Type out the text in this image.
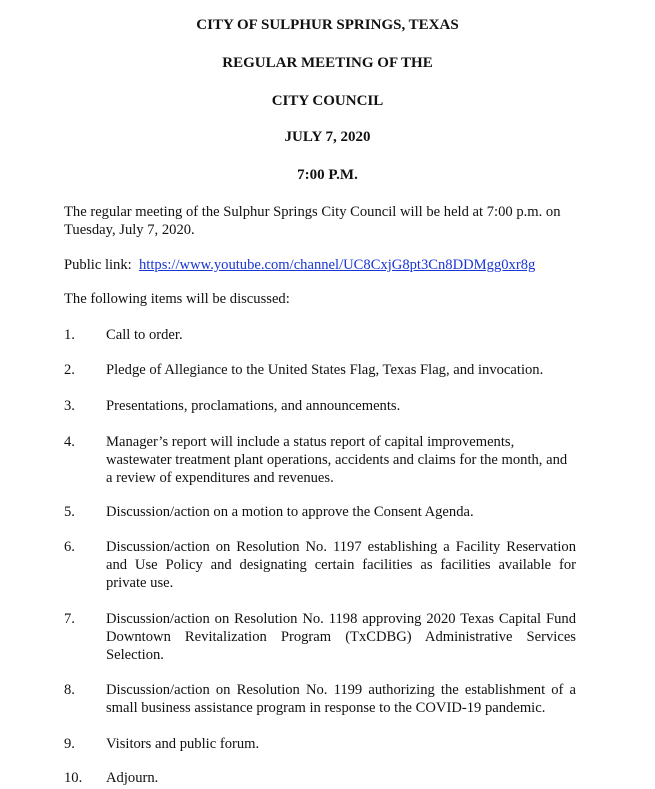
CITY OF SULPHUR SPRINGS, TEXAS
REGULAR MEETING OF THE
CITY COUNCIL
JULY 7, 2020
7:00 P.M.
The regular meeting of the Sulphur Springs City Council will be held at 7:00 p.m. on Tuesday, July 7, 2020.
Public link: https://www.youtube.com/channel/UC8CxjG8pt3Cn8DDMgg0xr8g
The following items will be discussed:
1.	Call to order.
2.	Pledge of Allegiance to the United States Flag, Texas Flag, and invocation.
3.	Presentations, proclamations, and announcements.
4.	Manager’s report will include a status report of capital improvements, wastewater treatment plant operations, accidents and claims for the month, and a review of expenditures and revenues.
5.	Discussion/action on a motion to approve the Consent Agenda.
6.	Discussion/action on Resolution No. 1197 establishing a Facility Reservation and Use Policy and designating certain facilities as facilities available for private use.
7.	Discussion/action on Resolution No. 1198 approving 2020 Texas Capital Fund Downtown Revitalization Program (TxCDBG) Administrative Services Selection.
8.	Discussion/action on Resolution No. 1199 authorizing the establishment of a small business assistance program in response to the COVID-19 pandemic.
9.	Visitors and public forum.
10.	Adjourn.
